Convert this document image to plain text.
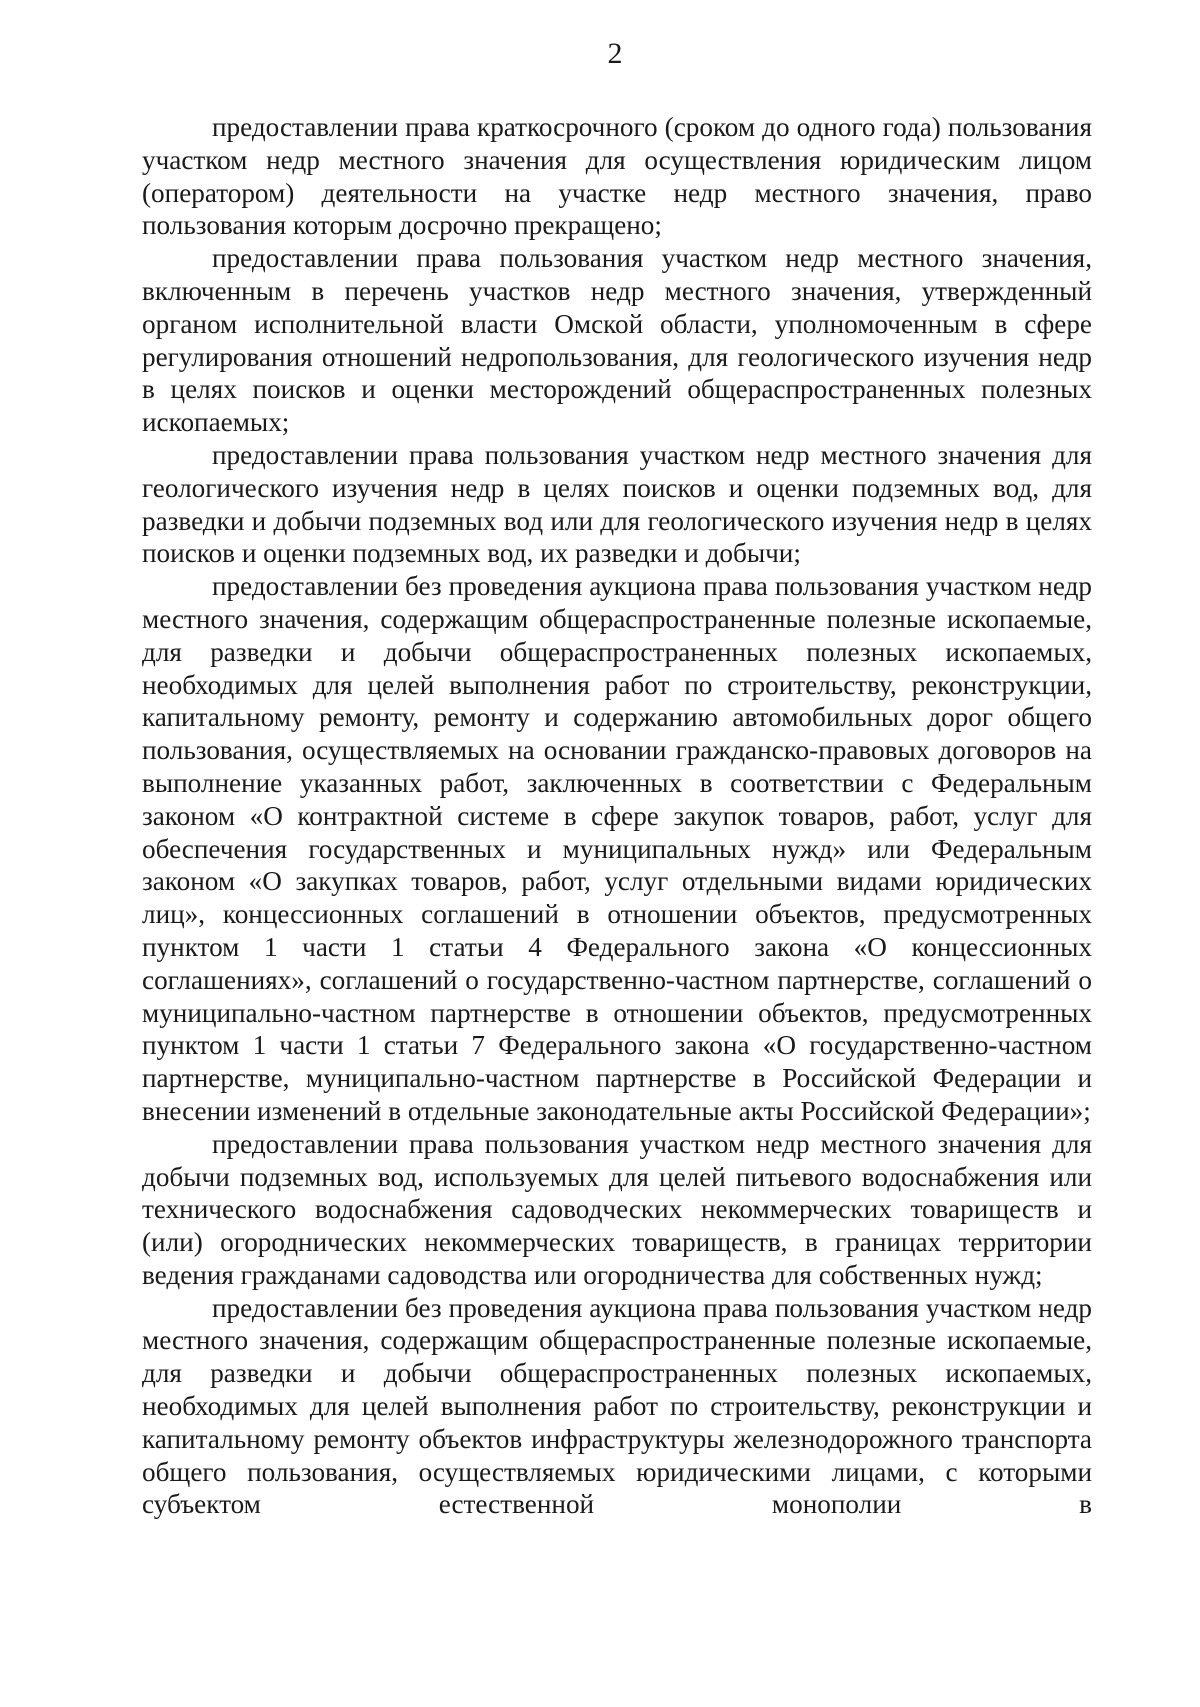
2

предоставлении права краткосрочного (сроком до одного года) пользования участком недр местного значения для осуществления юридическим лицом (оператором) деятельности на участке недр местного значения, право пользования которым досрочно прекращено;

предоставлении права пользования участком недр местного значения, включенным в перечень участков недр местного значения, утвержденный органом исполнительной власти Омской области, уполномоченным в сфере регулирования отношений недропользования, для геологического изучения недр в целях поисков и оценки месторождений общераспространенных полезных ископаемых;

предоставлении права пользования участком недр местного значения для геологического изучения недр в целях поисков и оценки подземных вод, для разведки и добычи подземных вод или для геологического изучения недр в целях поисков и оценки подземных вод, их разведки и добычи;

предоставлении без проведения аукциона права пользования участком недр местного значения, содержащим общераспространенные полезные ископаемые, для разведки и добычи общераспространенных полезных ископаемых, необходимых для целей выполнения работ по строительству, реконструкции, капитальному ремонту, ремонту и содержанию автомобильных дорог общего пользования, осуществляемых на основании гражданско-правовых договоров на выполнение указанных работ, заключенных в соответствии с Федеральным законом «О контрактной системе в сфере закупок товаров, работ, услуг для обеспечения государственных и муниципальных нужд» или Федеральным законом «О закупках товаров, работ, услуг отдельными видами юридических лиц», концессионных соглашений в отношении объектов, предусмотренных пунктом 1 части 1 статьи 4 Федерального закона «О концессионных соглашениях», соглашений о государственно-частном партнерстве, соглашений о муниципально-частном партнерстве в отношении объектов, предусмотренных пунктом 1 части 1 статьи 7 Федерального закона «О государственно-частном партнерстве, муниципально-частном партнерстве в Российской Федерации и внесении изменений в отдельные законодательные акты Российской Федерации»;

предоставлении права пользования участком недр местного значения для добычи подземных вод, используемых для целей питьевого водоснабжения или технического водоснабжения садоводческих некоммерческих товариществ и (или) огороднических некоммерческих товариществ, в границах территории ведения гражданами садоводства или огородничества для собственных нужд;

предоставлении без проведения аукциона права пользования участком недр местного значения, содержащим общераспространенные полезные ископаемые, для разведки и добычи общераспространенных полезных ископаемых, необходимых для целей выполнения работ по строительству, реконструкции и капитальному ремонту объектов инфраструктуры железнодорожного транспорта общего пользования, осуществляемых юридическими лицами, с которыми субъектом естественной монополии в
